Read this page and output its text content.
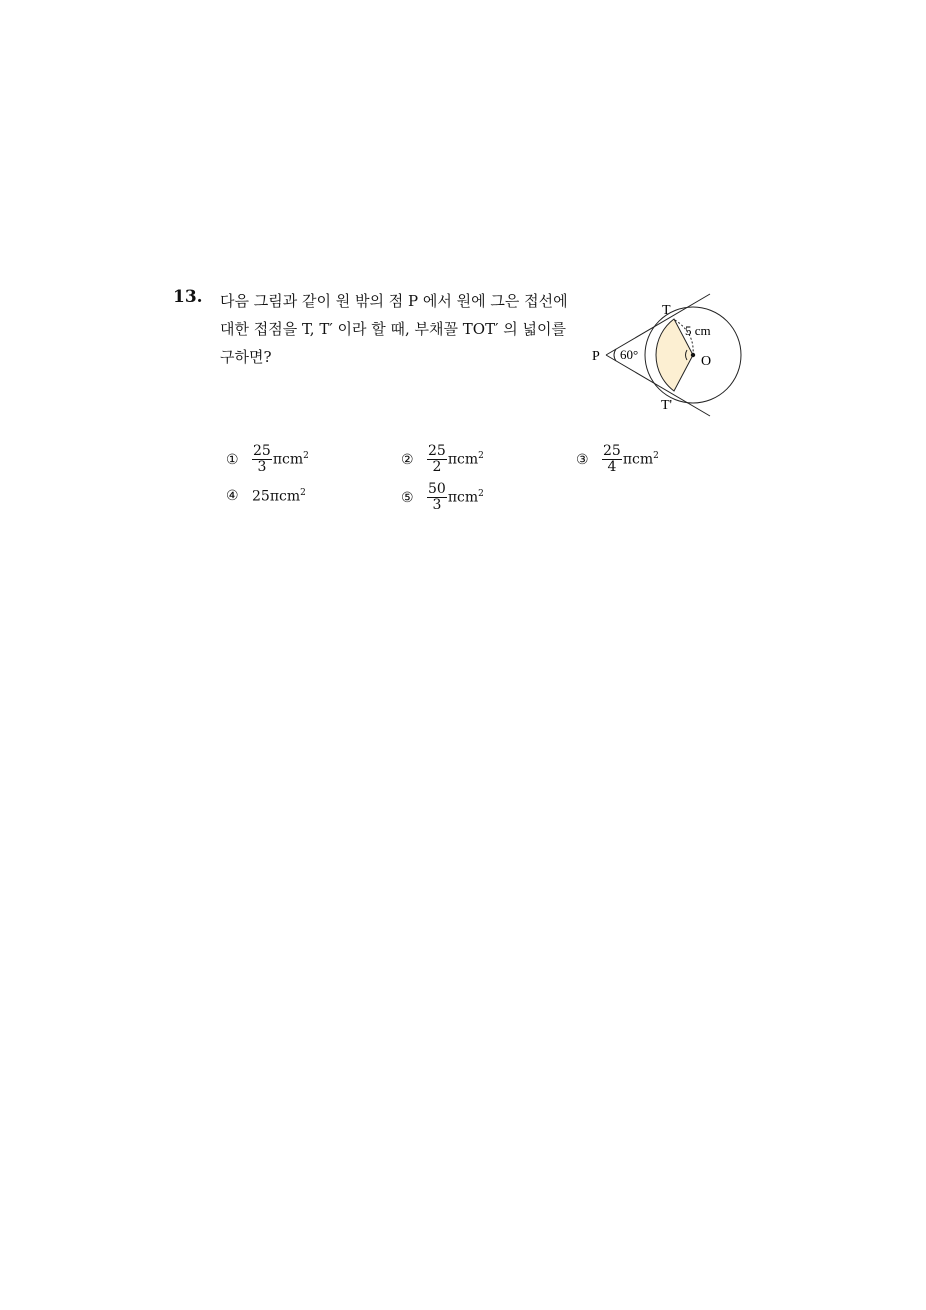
13. 다음 그림과 같이 원 밖의 점 P 에서 원에 그은 접선에
대한 접점을 T, T′ 이라 할 때, 부채꼴 TOT′ 의 넓이를
구하면?
T
T'
P	O
60°
5 cm
① $\frac{25}{3} \pi cm^2$	② $\frac{25}{2} \pi cm^2$	③ $\frac{25}{4} \pi cm^2$
④ 25πcm$^2$	⑤ $\frac{50}{3} \pi cm^2$
